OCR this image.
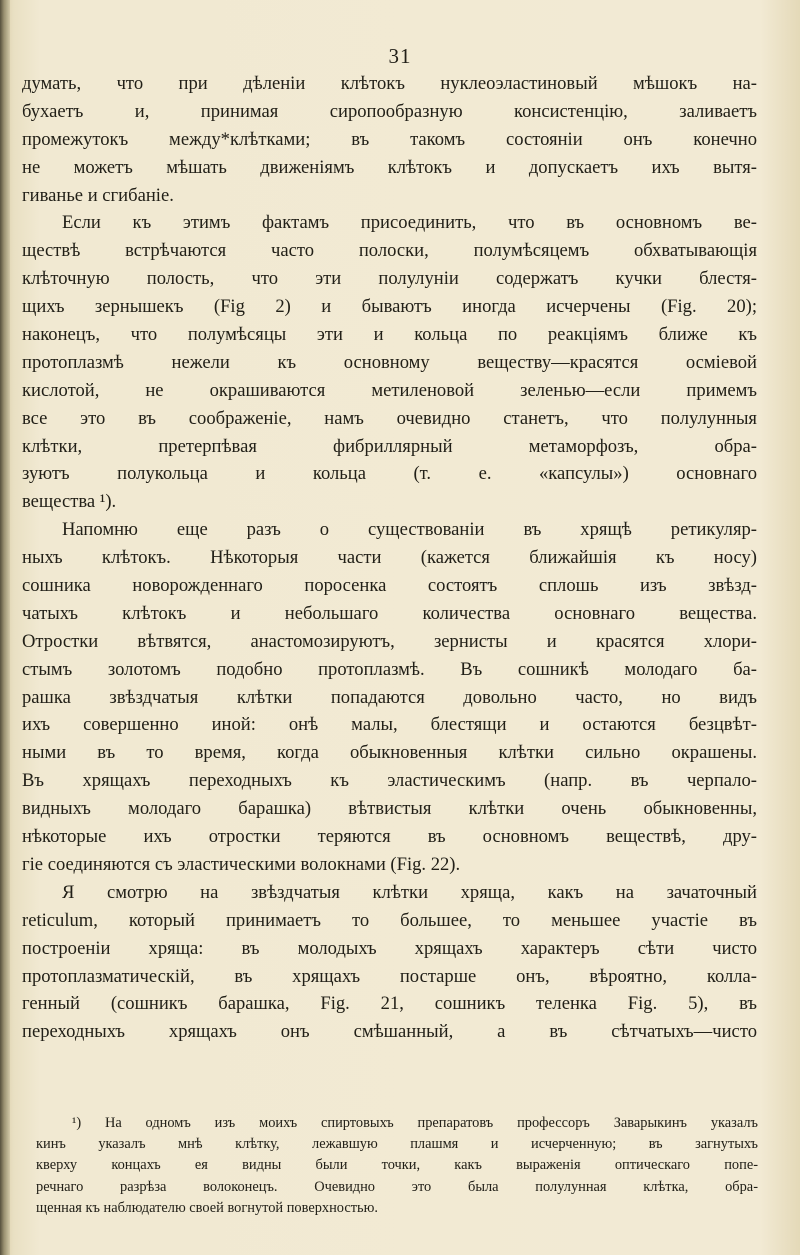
31
думать, что при дѣленіи клѣтокъ нуклеоэластиновый мѣшокъ на-
бухаетъ и, принимая сиропообразную консистенцію, заливаетъ
промежутокъ между*клѣтками; въ такомъ состояніи онъ конечно
не можетъ мѣшать движеніямъ клѣтокъ и допускаетъ ихъ вытя-
гиванье и сгибаніе.
Если къ этимъ фактамъ присоединить, что въ основномъ ве-
ществѣ встрѣчаются часто полоски, полумѣсяцемъ обхватывающія
клѣточную полость, что эти полулуніи содержатъ кучки блестя-
щихъ зернышекъ (Fig 2) и бываютъ иногда исчерчены (Fig. 20);
наконецъ, что полумѣсяцы эти и кольца по реакціямъ ближе къ
протоплазмѣ нежели къ основному веществу—красятся осміевой
кислотой, не окрашиваются метиленовой зеленью—если примемъ
все это въ соображеніе, намъ очевидно станетъ, что полулунныя
клѣтки, претерпѣвая фибриллярный метаморфозъ, обра-
зуютъ полукольца и кольца (т. е. «капсулы») основнаго
вещества ¹).
Напомню еще разъ о существованіи въ хрящѣ ретикуляр-
ныхъ клѣтокъ. Нѣкоторыя части (кажется ближайшія къ носу)
сошника новорожденнаго поросенка состоятъ сплошь изъ звѣзд-
чатыхъ клѣтокъ и небольшаго количества основнаго вещества.
Отростки вѣтвятся, анастомозируютъ, зернисты и красятся хлори-
стымъ золотомъ подобно протоплазмѣ. Въ сошникѣ молодаго ба-
рашка звѣздчатыя клѣтки попадаются довольно часто, но видъ
ихъ совершенно иной: онѣ малы, блестящи и остаются безцвѣт-
ными въ то время, когда обыкновенныя клѣтки сильно окрашены.
Въ хрящахъ переходныхъ къ эластическимъ (напр. въ черпало-
видныхъ молодаго барашка) вѣтвистыя клѣтки очень обыкновенны,
нѣкоторые ихъ отростки теряются въ основномъ веществѣ, дру-
гіе соединяются съ эластическими волокнами (Fig. 22).
Я смотрю на звѣздчатыя клѣтки хряща, какъ на зачаточный
reticulum, который принимаетъ то большее, то меньшее участіе въ
построеніи хряща: въ молодыхъ хрящахъ характеръ сѣти чисто
протоплазматическій, въ хрящахъ постарше онъ, вѣроятно, колла-
генный (сошникъ барашка, Fig. 21, сошникъ теленка Fig. 5), въ
переходныхъ хрящахъ онъ смѣшанный, а въ сѣтчатыхъ—чисто
¹) На одномъ изъ моихъ спиртовыхъ препаратовъ профессоръ Заварыкинъ указалъ
кинъ указалъ мнѣ клѣтку, лежавшую плашмя и исчерченную; въ загнутыхъ
кверху концахъ ея видны были точки, какъ выраженія оптическаго попе-
речнаго разрѣза волоконецъ. Очевидно это была полулунная клѣтка, обра-
щенная къ наблюдателю своей вогнутой поверхностью.
